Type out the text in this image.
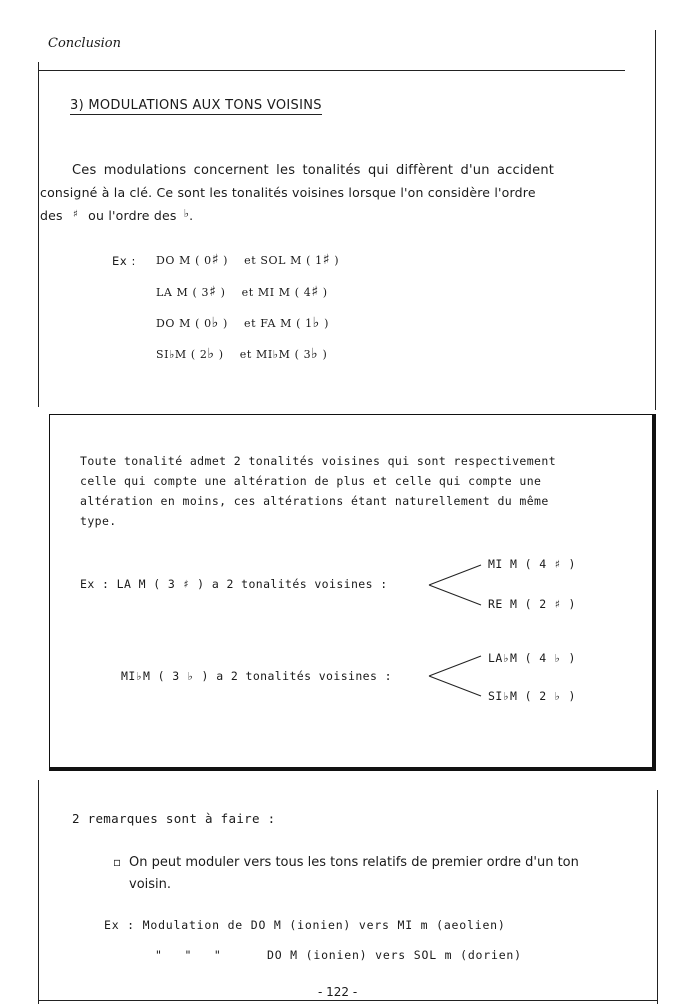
Conclusion
3) MODULATIONS AUX TONS VOISINS
Ces modulations concernent les tonalités qui diffèrent d'un accident
consigné à la clé. Ce sont les tonalités voisines lorsque l'on considère l'ordre
des ♯ ou l'ordre des ♭.
Ex : DO M ( 0♯ ) et SOL M ( 1♯ )
LA M ( 3♯ ) et MI M ( 4♯ )
DO M ( 0♭ ) et FA M ( 1♭ )
SI♭M ( 2♭ ) et MI♭M ( 3♭ )
Toute tonalité admet 2 tonalités voisines qui sont respectivement
celle qui compte une altération de plus et celle qui compte une
altération en moins, ces altérations étant naturellement du même
type.
Ex : LA M ( 3 ♯ ) a 2 tonalités voisines :
MI M ( 4 ♯ )
RE M ( 2 ♯ )
MI♭M ( 3 ♭ ) a 2 tonalités voisines :
LA♭M ( 4 ♭ )
SI♭M ( 2 ♭ )
2 remarques sont à faire :
▫ On peut moduler vers tous les tons relatifs de premier ordre d'un ton
voisin.
Ex : Modulation de DO M (ionien) vers MI m (aeolien)
" " "	DO M (ionien) vers SOL m (dorien)
- 122 -
